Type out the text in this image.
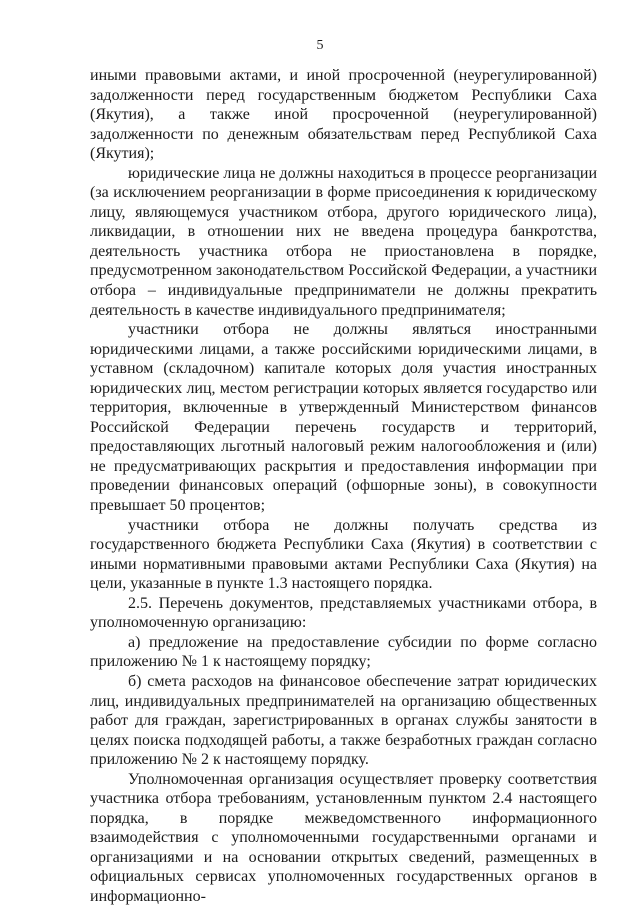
5

иными правовыми актами, и иной просроченной (неурегулированной) задолженности перед государственным бюджетом Республики Саха (Якутия), а также иной просроченной (неурегулированной) задолженности по денежным обязательствам перед Республикой Саха (Якутия);

юридические лица не должны находиться в процессе реорганизации (за исключением реорганизации в форме присоединения к юридическому лицу, являющемуся участником отбора, другого юридического лица), ликвидации, в отношении них не введена процедура банкротства, деятельность участника отбора не приостановлена в порядке, предусмотренном законодательством Российской Федерации, а участники отбора – индивидуальные предприниматели не должны прекратить деятельность в качестве индивидуального предпринимателя;

участники отбора не должны являться иностранными юридическими лицами, а также российскими юридическими лицами, в уставном (складочном) капитале которых доля участия иностранных юридических лиц, местом регистрации которых является государство или территория, включенные в утвержденный Министерством финансов Российской Федерации перечень государств и территорий, предоставляющих льготный налоговый режим налогообложения и (или) не предусматривающих раскрытия и предоставления информации при проведении финансовых операций (офшорные зоны), в совокупности превышает 50 процентов;

участники отбора не должны получать средства из государственного бюджета Республики Саха (Якутия) в соответствии с иными нормативными правовыми актами Республики Саха (Якутия) на цели, указанные в пункте 1.3 настоящего порядка.

2.5. Перечень документов, представляемых участниками отбора, в уполномоченную организацию:

а) предложение на предоставление субсидии по форме согласно приложению № 1 к настоящему порядку;

б) смета расходов на финансовое обеспечение затрат юридических лиц, индивидуальных предпринимателей на организацию общественных работ для граждан, зарегистрированных в органах службы занятости в целях поиска подходящей работы, а также безработных граждан согласно приложению № 2 к настоящему порядку.

Уполномоченная организация осуществляет проверку соответствия участника отбора требованиям, установленным пунктом 2.4 настоящего порядка, в порядке межведомственного информационного взаимодействия с уполномоченными государственными органами и организациями и на основании открытых сведений, размещенных в официальных сервисах уполномоченных государственных органов в информационно-
